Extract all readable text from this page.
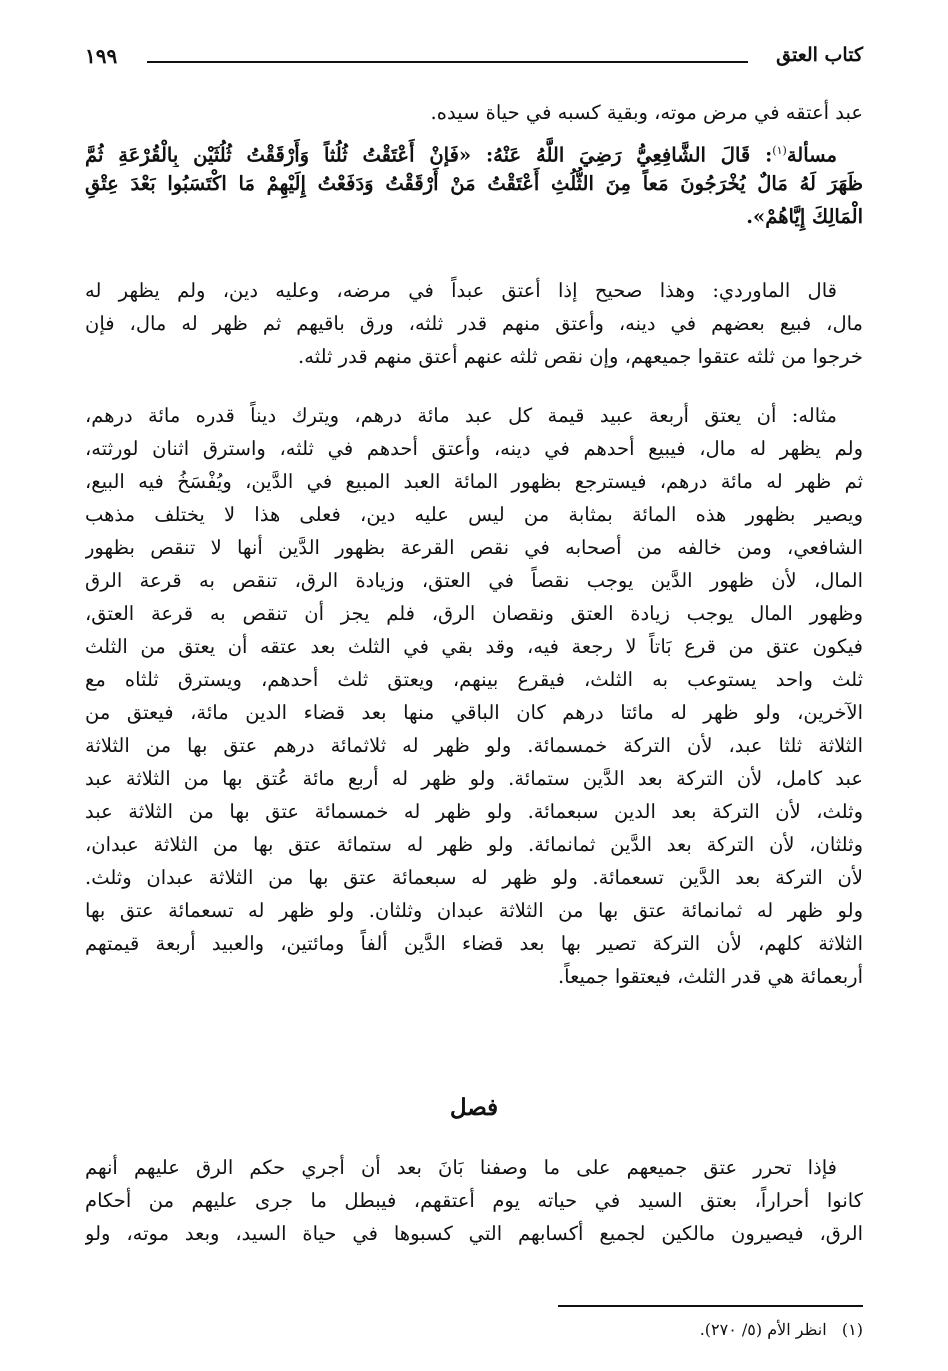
كتاب العتق
١٩٩
عبد أعتقه في مرض موته، وبقية كسبه في حياة سيده.
مسألة$^{(١)}$: قَالَ الشَّافِعِيُّ رَضِيَ اللَّهُ عَنْهُ: «فَإِنْ أَعْتَقْتُ ثُلُثاً وَأَرْقَقْتُ ثُلُثَيْنِ بِالْقُرْعَةِ ثُمَّ
ظَهَرَ لَهُ مَالٌ يُخْرَجُونَ مَعاً مِنَ الثُّلُثِ أَعْتَقْتُ مَنْ أَرْقَقْتُ وَدَفَعْتُ إِلَيْهِمْ مَا اكْتَسَبُوا بَعْدَ عِتْقِ
الْمَالِكَ إِيَّاهُمْ».
قال الماوردي: وهذا صحيح إذا أعتق عبداً في مرضه، وعليه دين، ولم يظهر له
مال، فبيع بعضهم في دينه، وأعتق منهم قدر ثلثه، ورق باقيهم ثم ظهر له مال، فإن
خرجوا من ثلثه عتقوا جميعهم، وإن نقص ثلثه عنهم أعتق منهم قدر ثلثه.
مثاله: أن يعتق أربعة عبيد قيمة كل عبد مائة درهم، ويترك ديناً قدره مائة درهم،
ولم يظهر له مال، فيبيع أحدهم في دينه، وأعتق أحدهم في ثلثه، واسترق اثنان لورثته،
ثم ظهر له مائة درهم، فيسترجع بظهور المائة العبد المبيع في الدَّين، ويُفْسَخُ فيه البيع،
ويصير بظهور هذه المائة بمثابة من ليس عليه دين، فعلى هذا لا يختلف مذهب
الشافعي، ومن خالفه من أصحابه في نقص القرعة بظهور الدَّين أنها لا تنقص بظهور
المال، لأن ظهور الدَّين يوجب نقصاً في العتق، وزيادة الرق، تنقص به قرعة الرق
وظهور المال يوجب زيادة العتق ونقصان الرق، فلم يجز أن تنقص به قرعة العتق،
فيكون عتق من قرع بَاتاً لا رجعة فيه، وقد بقي في الثلث بعد عتقه أن يعتق من الثلث
ثلث واحد يستوعب به الثلث، فيقرع بينهم، ويعتق ثلث أحدهم، ويسترق ثلثاه مع
الآخرين، ولو ظهر له مائتا درهم كان الباقي منها بعد قضاء الدين مائة، فيعتق من
الثلاثة ثلثا عبد، لأن التركة خمسمائة. ولو ظهر له ثلاثمائة درهم عتق بها من الثلاثة
عبد كامل، لأن التركة بعد الدَّين ستمائة. ولو ظهر له أربع مائة عُتق بها من الثلاثة عبد
وثلث، لأن التركة بعد الدين سبعمائة. ولو ظهر له خمسمائة عتق بها من الثلاثة عبد
وثلثان، لأن التركة بعد الدَّين ثمانمائة. ولو ظهر له ستمائة عتق بها من الثلاثة عبدان،
لأن التركة بعد الدَّين تسعمائة. ولو ظهر له سبعمائة عتق بها من الثلاثة عبدان وثلث.
ولو ظهر له ثمانمائة عتق بها من الثلاثة عبدان وثلثان. ولو ظهر له تسعمائة عتق بها
الثلاثة كلهم، لأن التركة تصير بها بعد قضاء الدَّين ألفاً ومائتين، والعبيد أربعة قيمتهم
أربعمائة هي قدر الثلث، فيعتقوا جميعاً.
فصل
فإذا تحرر عتق جميعهم على ما وصفنا بَانَ بعد أن أجري حكم الرق عليهم أنهم
كانوا أحراراً، بعتق السيد في حياته يوم أعتقهم، فيبطل ما جرى عليهم من أحكام
الرق، فيصيرون مالكين لجميع أكسابهم التي كسبوها في حياة السيد، وبعد موته، ولو
(١)   انظر الأم (٥/ ٢٧٠).
